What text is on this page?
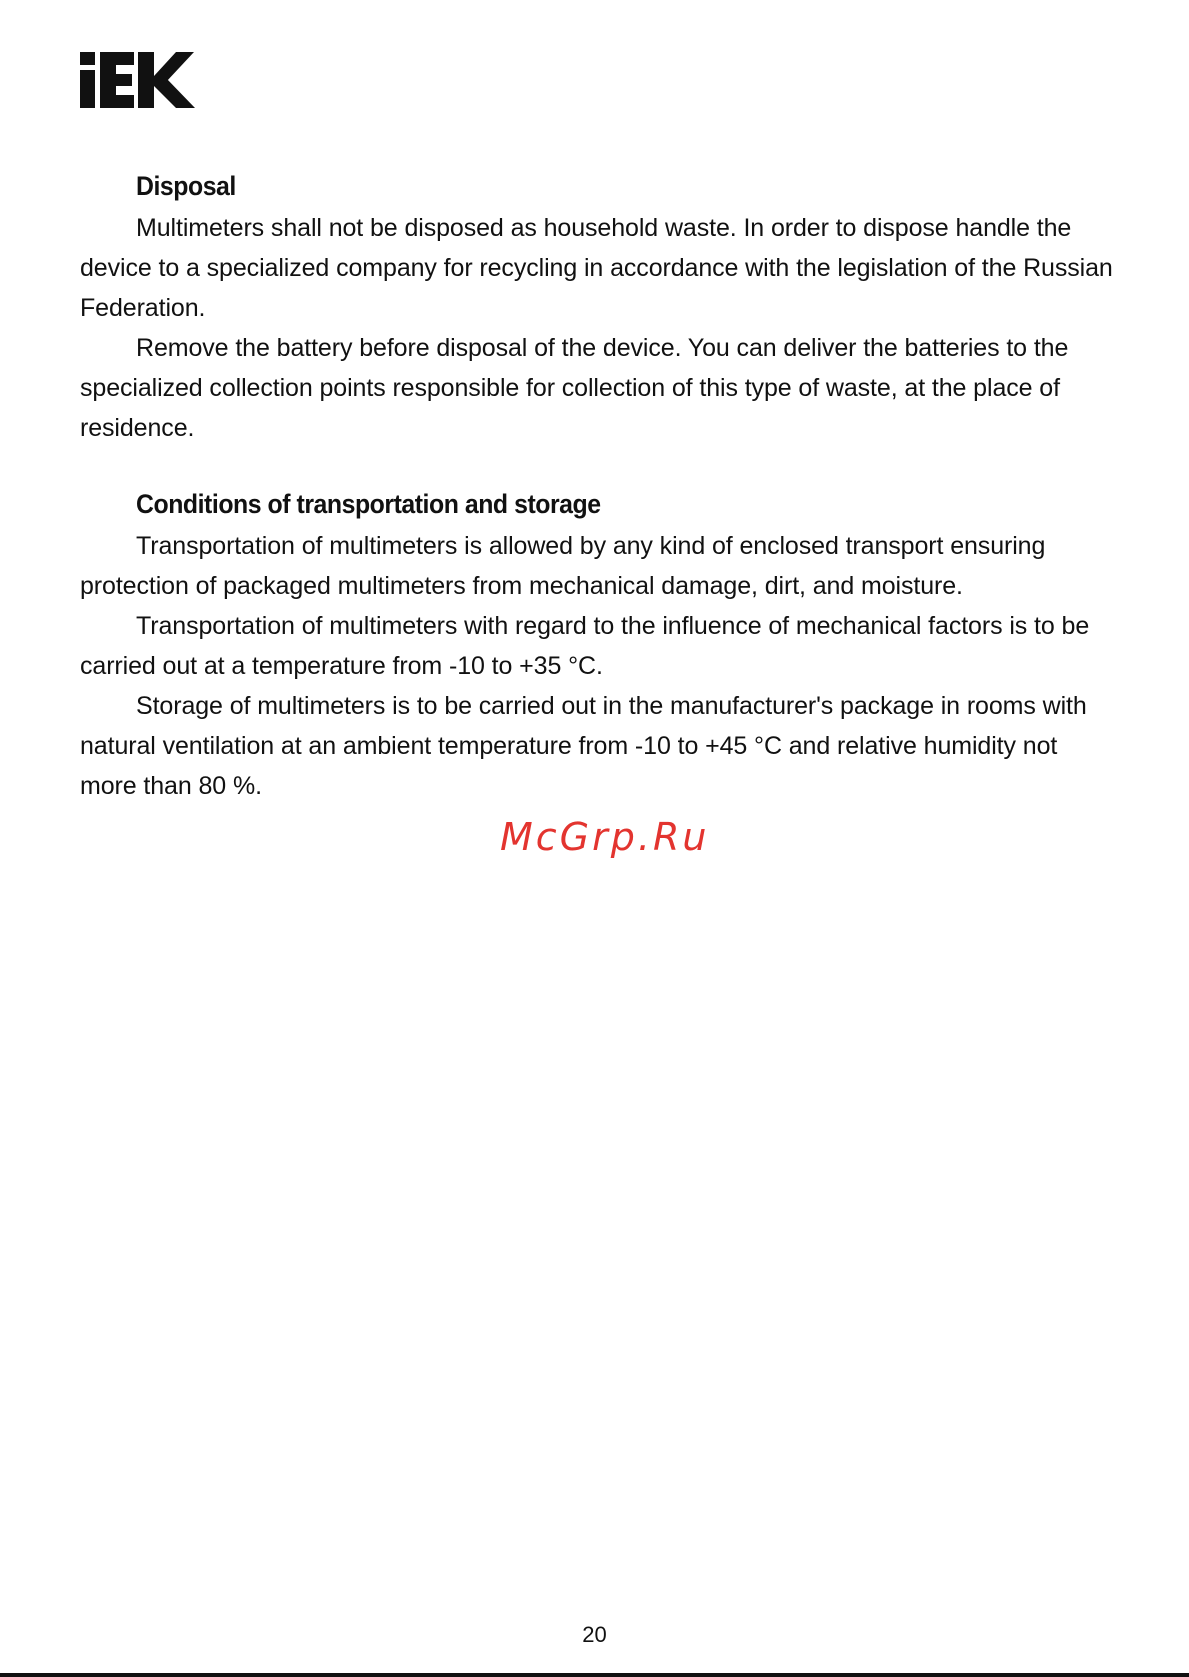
Disposal

Multimeters shall not be disposed as household waste. In order to dispose handle the device to a specialized company for recycling in accordance with the legislation of the Russian Federation.

Remove the battery before disposal of the device. You can deliver the batteries to the specialized collection points responsible for collection of this type of waste, at the place of residence.

Conditions of transportation and storage

Transportation of multimeters is allowed by any kind of enclosed transport ensuring protection of packaged multimeters from mechanical damage, dirt, and moisture.

Transportation of multimeters with regard to the influence of mechanical factors is to be carried out at a temperature from -10 to +35 °C.

Storage of multimeters is to be carried out in the manufacturer's package in rooms with natural ventilation at an ambient temperature from -10 to +45 °C and relative humidity not more than 80 %.

McGrp.Ru
20
